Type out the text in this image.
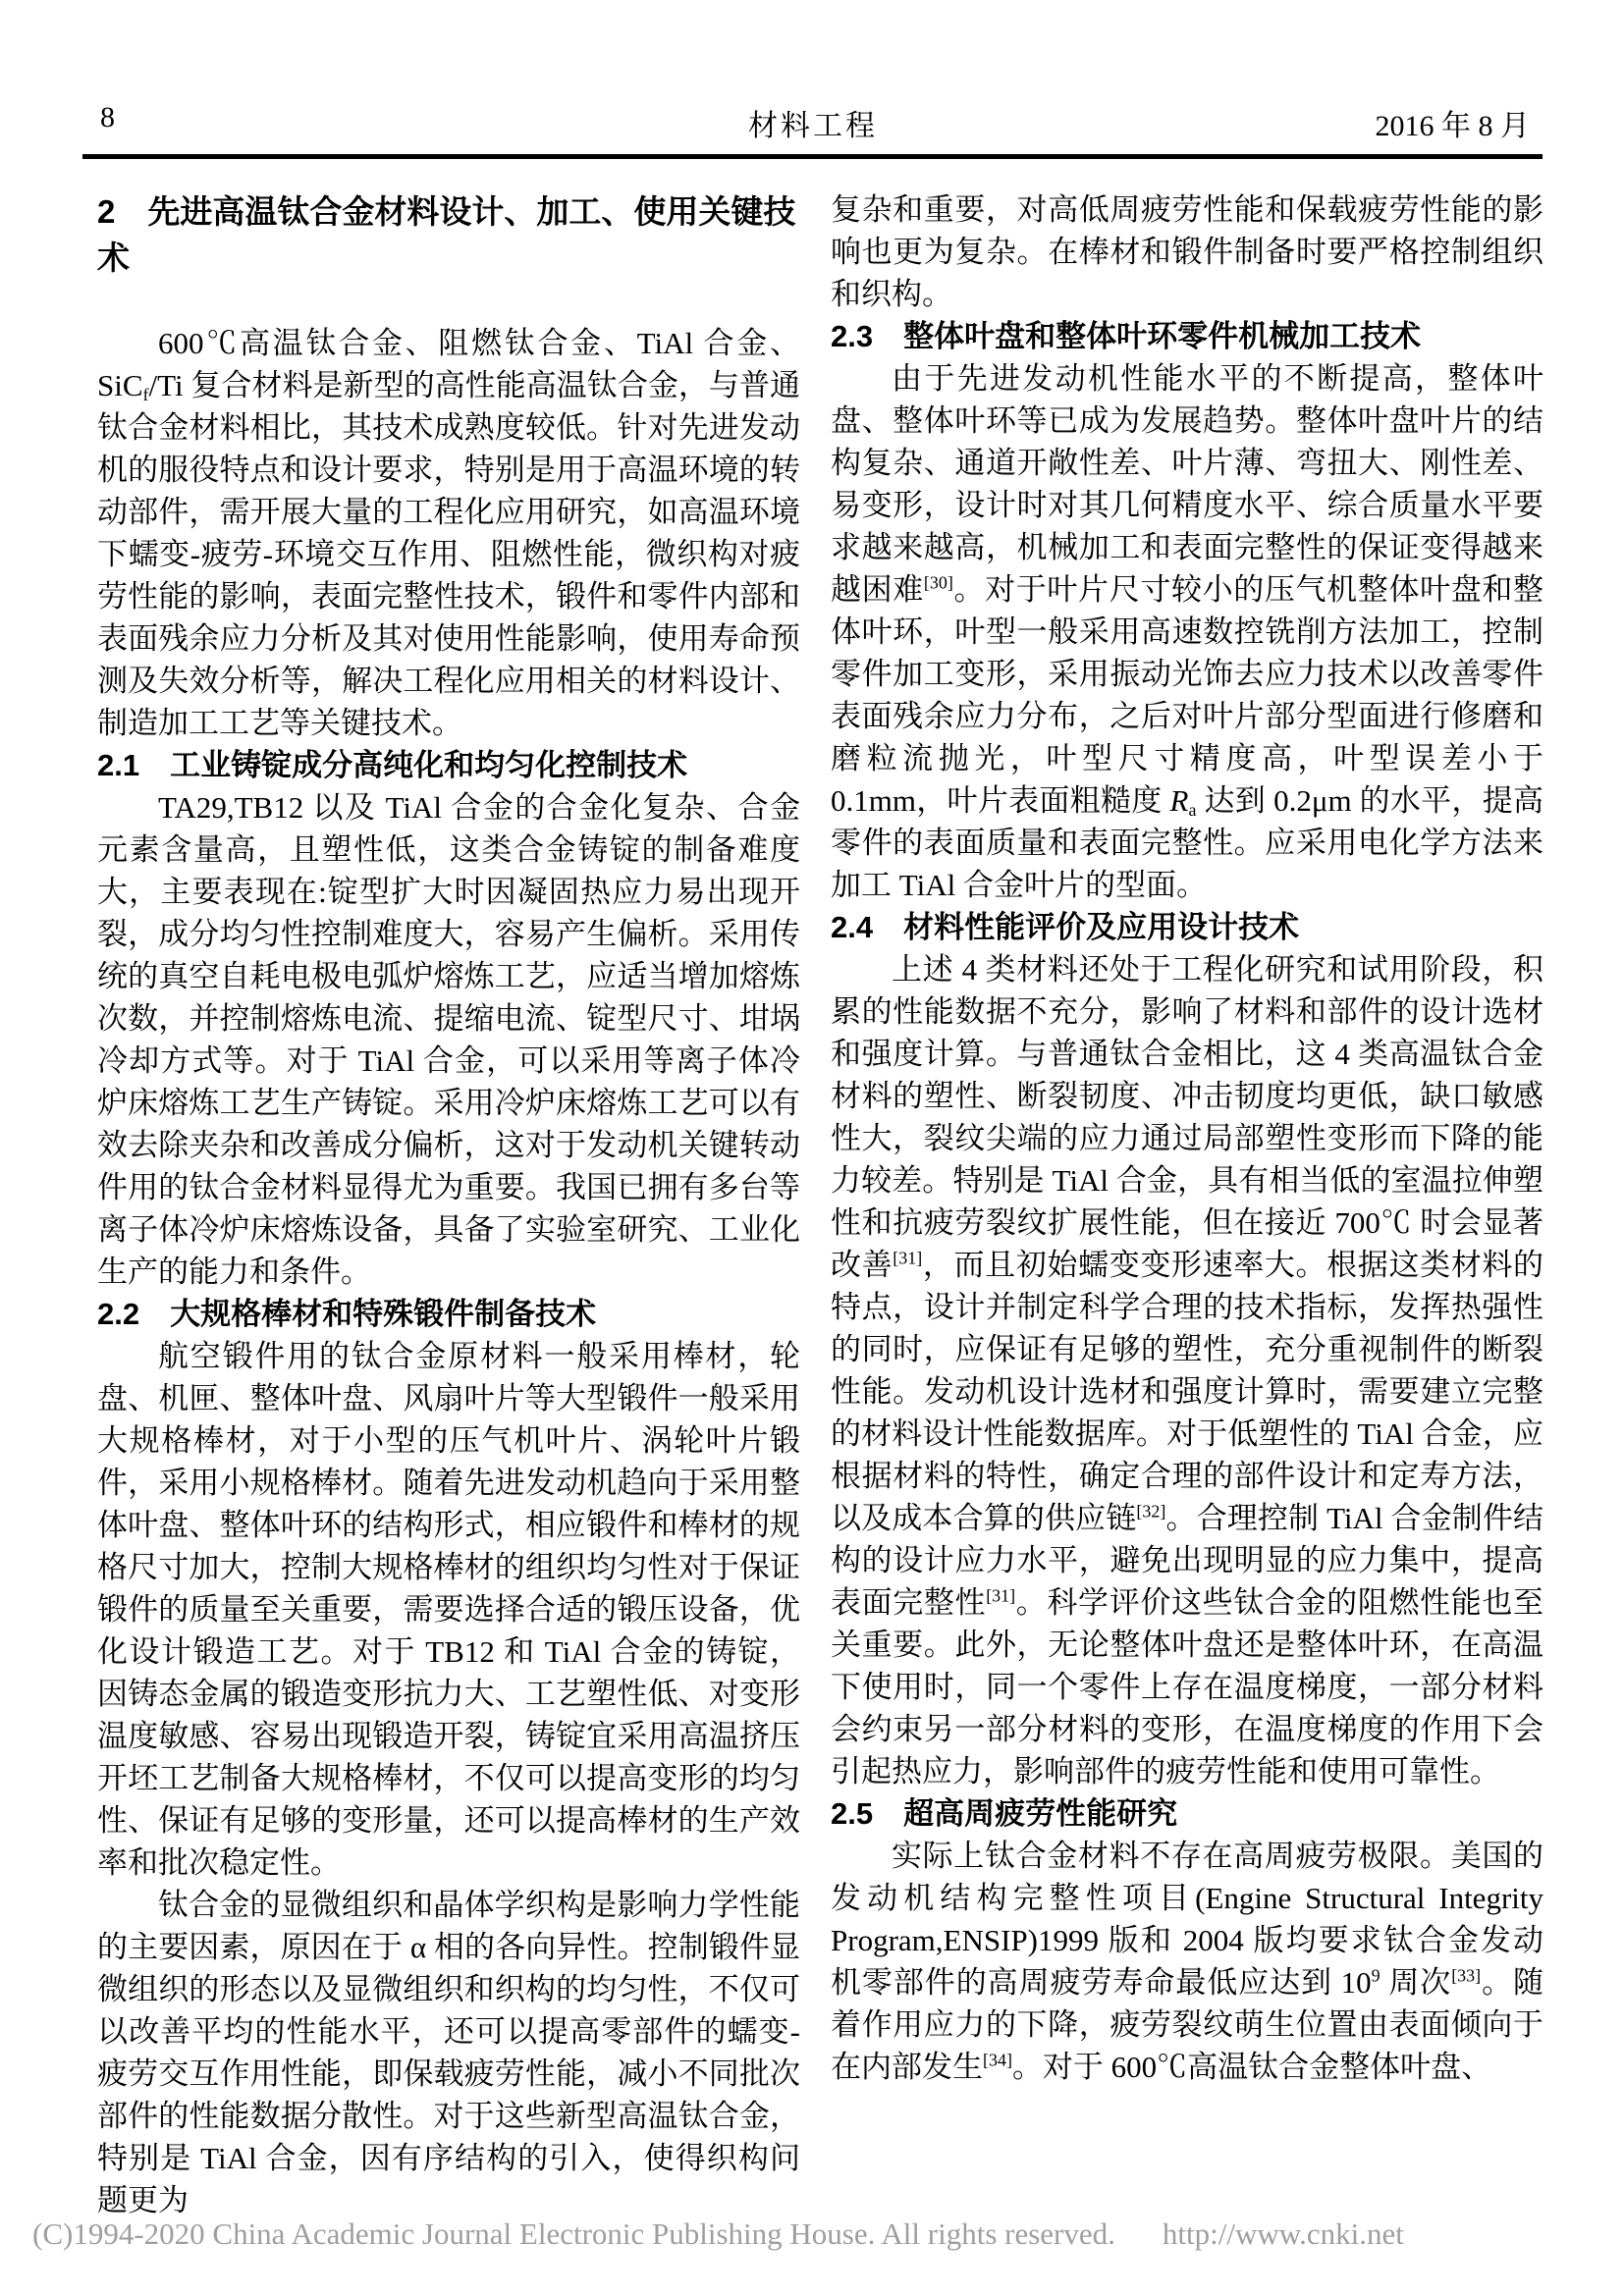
8	材料工程	2016 年 8 月
2　先进高温钛合金材料设计、加工、使用关键技术

600℃高温钛合金、阻燃钛合金、TiAl 合金、SiC$_f$/Ti 复合材料是新型的高性能高温钛合金，与普通钛合金材料相比，其技术成熟度较低。针对先进发动机的服役特点和设计要求，特别是用于高温环境的转动部件，需开展大量的工程化应用研究，如高温环境下蠕变-疲劳-环境交互作用、阻燃性能，微织构对疲劳性能的影响，表面完整性技术，锻件和零件内部和表面残余应力分析及其对使用性能影响，使用寿命预测及失效分析等，解决工程化应用相关的材料设计、制造加工工艺等关键技术。

2.1　工业铸锭成分高纯化和均匀化控制技术

TA29,TB12 以及 TiAl 合金的合金化复杂、合金元素含量高，且塑性低，这类合金铸锭的制备难度大，主要表现在:锭型扩大时因凝固热应力易出现开裂，成分均匀性控制难度大，容易产生偏析。采用传统的真空自耗电极电弧炉熔炼工艺，应适当增加熔炼次数，并控制熔炼电流、提缩电流、锭型尺寸、坩埚冷却方式等。对于 TiAl 合金，可以采用等离子体冷炉床熔炼工艺生产铸锭。采用冷炉床熔炼工艺可以有效去除夹杂和改善成分偏析，这对于发动机关键转动件用的钛合金材料显得尤为重要。我国已拥有多台等离子体冷炉床熔炼设备，具备了实验室研究、工业化生产的能力和条件。

2.2　大规格棒材和特殊锻件制备技术

航空锻件用的钛合金原材料一般采用棒材，轮盘、机匣、整体叶盘、风扇叶片等大型锻件一般采用大规格棒材，对于小型的压气机叶片、涡轮叶片锻件，采用小规格棒材。随着先进发动机趋向于采用整体叶盘、整体叶环的结构形式，相应锻件和棒材的规格尺寸加大，控制大规格棒材的组织均匀性对于保证锻件的质量至关重要，需要选择合适的锻压设备，优化设计锻造工艺。对于 TB12 和 TiAl 合金的铸锭，因铸态金属的锻造变形抗力大、工艺塑性低、对变形温度敏感、容易出现锻造开裂，铸锭宜采用高温挤压开坯工艺制备大规格棒材，不仅可以提高变形的均匀性、保证有足够的变形量，还可以提高棒材的生产效率和批次稳定性。

钛合金的显微组织和晶体学织构是影响力学性能的主要因素，原因在于 α 相的各向异性。控制锻件显微组织的形态以及显微组织和织构的均匀性，不仅可以改善平均的性能水平，还可以提高零部件的蠕变-疲劳交互作用性能，即保载疲劳性能，减小不同批次部件的性能数据分散性。对于这些新型高温钛合金，特别是 TiAl 合金，因有序结构的引入，使得织构问题更为

复杂和重要，对高低周疲劳性能和保载疲劳性能的影响也更为复杂。在棒材和锻件制备时要严格控制组织和织构。

2.3　整体叶盘和整体叶环零件机械加工技术

由于先进发动机性能水平的不断提高，整体叶盘、整体叶环等已成为发展趋势。整体叶盘叶片的结构复杂、通道开敞性差、叶片薄、弯扭大、刚性差、易变形，设计时对其几何精度水平、综合质量水平要求越来越高，机械加工和表面完整性的保证变得越来越困难[30]。对于叶片尺寸较小的压气机整体叶盘和整体叶环，叶型一般采用高速数控铣削方法加工，控制零件加工变形，采用振动光饰去应力技术以改善零件表面残余应力分布，之后对叶片部分型面进行修磨和磨粒流抛光，叶型尺寸精度高，叶型误差小于 0.1mm，叶片表面粗糙度 $R_a$ 达到 0.2μm 的水平，提高零件的表面质量和表面完整性。应采用电化学方法来加工 TiAl 合金叶片的型面。

2.4　材料性能评价及应用设计技术

上述 4 类材料还处于工程化研究和试用阶段，积累的性能数据不充分，影响了材料和部件的设计选材和强度计算。与普通钛合金相比，这 4 类高温钛合金材料的塑性、断裂韧度、冲击韧度均更低，缺口敏感性大，裂纹尖端的应力通过局部塑性变形而下降的能力较差。特别是 TiAl 合金，具有相当低的室温拉伸塑性和抗疲劳裂纹扩展性能，但在接近 700℃ 时会显著改善[31]，而且初始蠕变变形速率大。根据这类材料的特点，设计并制定科学合理的技术指标，发挥热强性的同时，应保证有足够的塑性，充分重视制件的断裂性能。发动机设计选材和强度计算时，需要建立完整的材料设计性能数据库。对于低塑性的 TiAl 合金，应根据材料的特性，确定合理的部件设计和定寿方法，以及成本合算的供应链[32]。合理控制 TiAl 合金制件结构的设计应力水平，避免出现明显的应力集中，提高表面完整性[31]。科学评价这些钛合金的阻燃性能也至关重要。此外，无论整体叶盘还是整体叶环，在高温下使用时，同一个零件上存在温度梯度，一部分材料会约束另一部分材料的变形，在温度梯度的作用下会引起热应力，影响部件的疲劳性能和使用可靠性。

2.5　超高周疲劳性能研究

实际上钛合金材料不存在高周疲劳极限。美国的发动机结构完整性项目(Engine Structural Integrity Program,ENSIP)1999 版和 2004 版均要求钛合金发动机零部件的高周疲劳寿命最低应达到 $10^9$ 周次[33]。随着作用应力的下降，疲劳裂纹萌生位置由表面倾向于在内部发生[34]。对于 600℃高温钛合金整体叶盘、

(C)1994-2020 China Academic Journal Electronic Publishing House. All rights reserved. http://www.cnki.net
